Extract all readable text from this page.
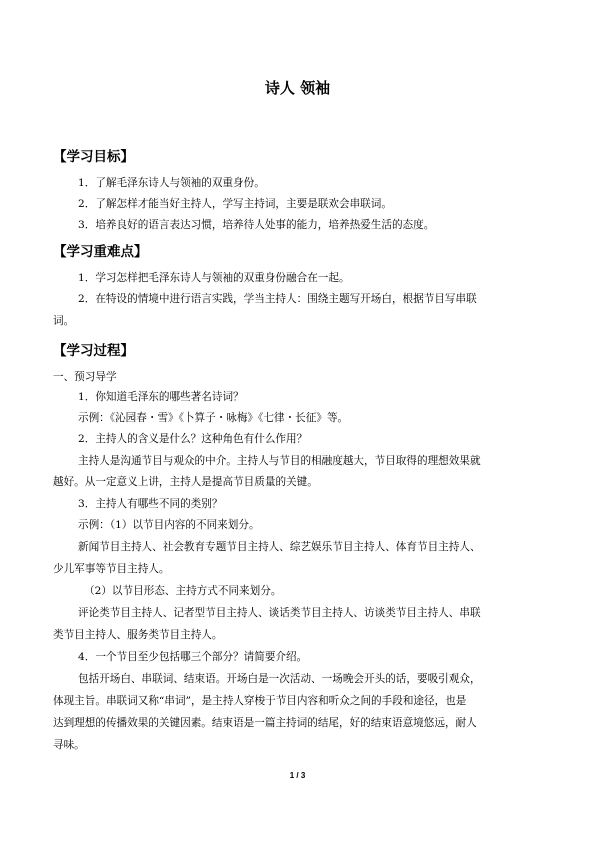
诗人 领袖
【学习目标】
1．了解毛泽东诗人与领袖的双重身份。
2．了解怎样才能当好主持人，学写主持词，主要是联欢会串联词。
3．培养良好的语言表达习惯，培养待人处事的能力，培养热爱生活的态度。
【学习重难点】
1．学习怎样把毛泽东诗人与领袖的双重身份融合在一起。
2．在特设的情境中进行语言实践，学当主持人：围绕主题写开场白，根据节目写串联
词。
【学习过程】
一、预习导学
1．你知道毛泽东的哪些著名诗词？
示例：《沁园春・雪》《卜算子・咏梅》《七律・长征》等。
2．主持人的含义是什么？这种角色有什么作用？
主持人是沟通节目与观众的中介。主持人与节目的相融度越大，节目取得的理想效果就
越好。从一定意义上讲，主持人是提高节目质量的关键。
3．主持人有哪些不同的类别？
示例：（1）以节目内容的不同来划分。
新闻节目主持人、社会教育专题节目主持人、综艺娱乐节目主持人、体育节目主持人、
少儿军事等节目主持人。
（2）以节目形态、主持方式不同来划分。
评论类节目主持人、记者型节目主持人、谈话类节目主持人、访谈类节目主持人、串联
类节目主持人、服务类节目主持人。
4．一个节目至少包括哪三个部分？请简要介绍。
包括开场白、串联词、结束语。开场白是一次活动、一场晚会开头的话，要吸引观众，
体现主旨。串联词又称“串词”，是主持人穿梭于节目内容和听众之间的手段和途径，也是
达到理想的传播效果的关键因素。结束语是一篇主持词的结尾，好的结束语意境悠远，耐人
寻味。
1 / 3
